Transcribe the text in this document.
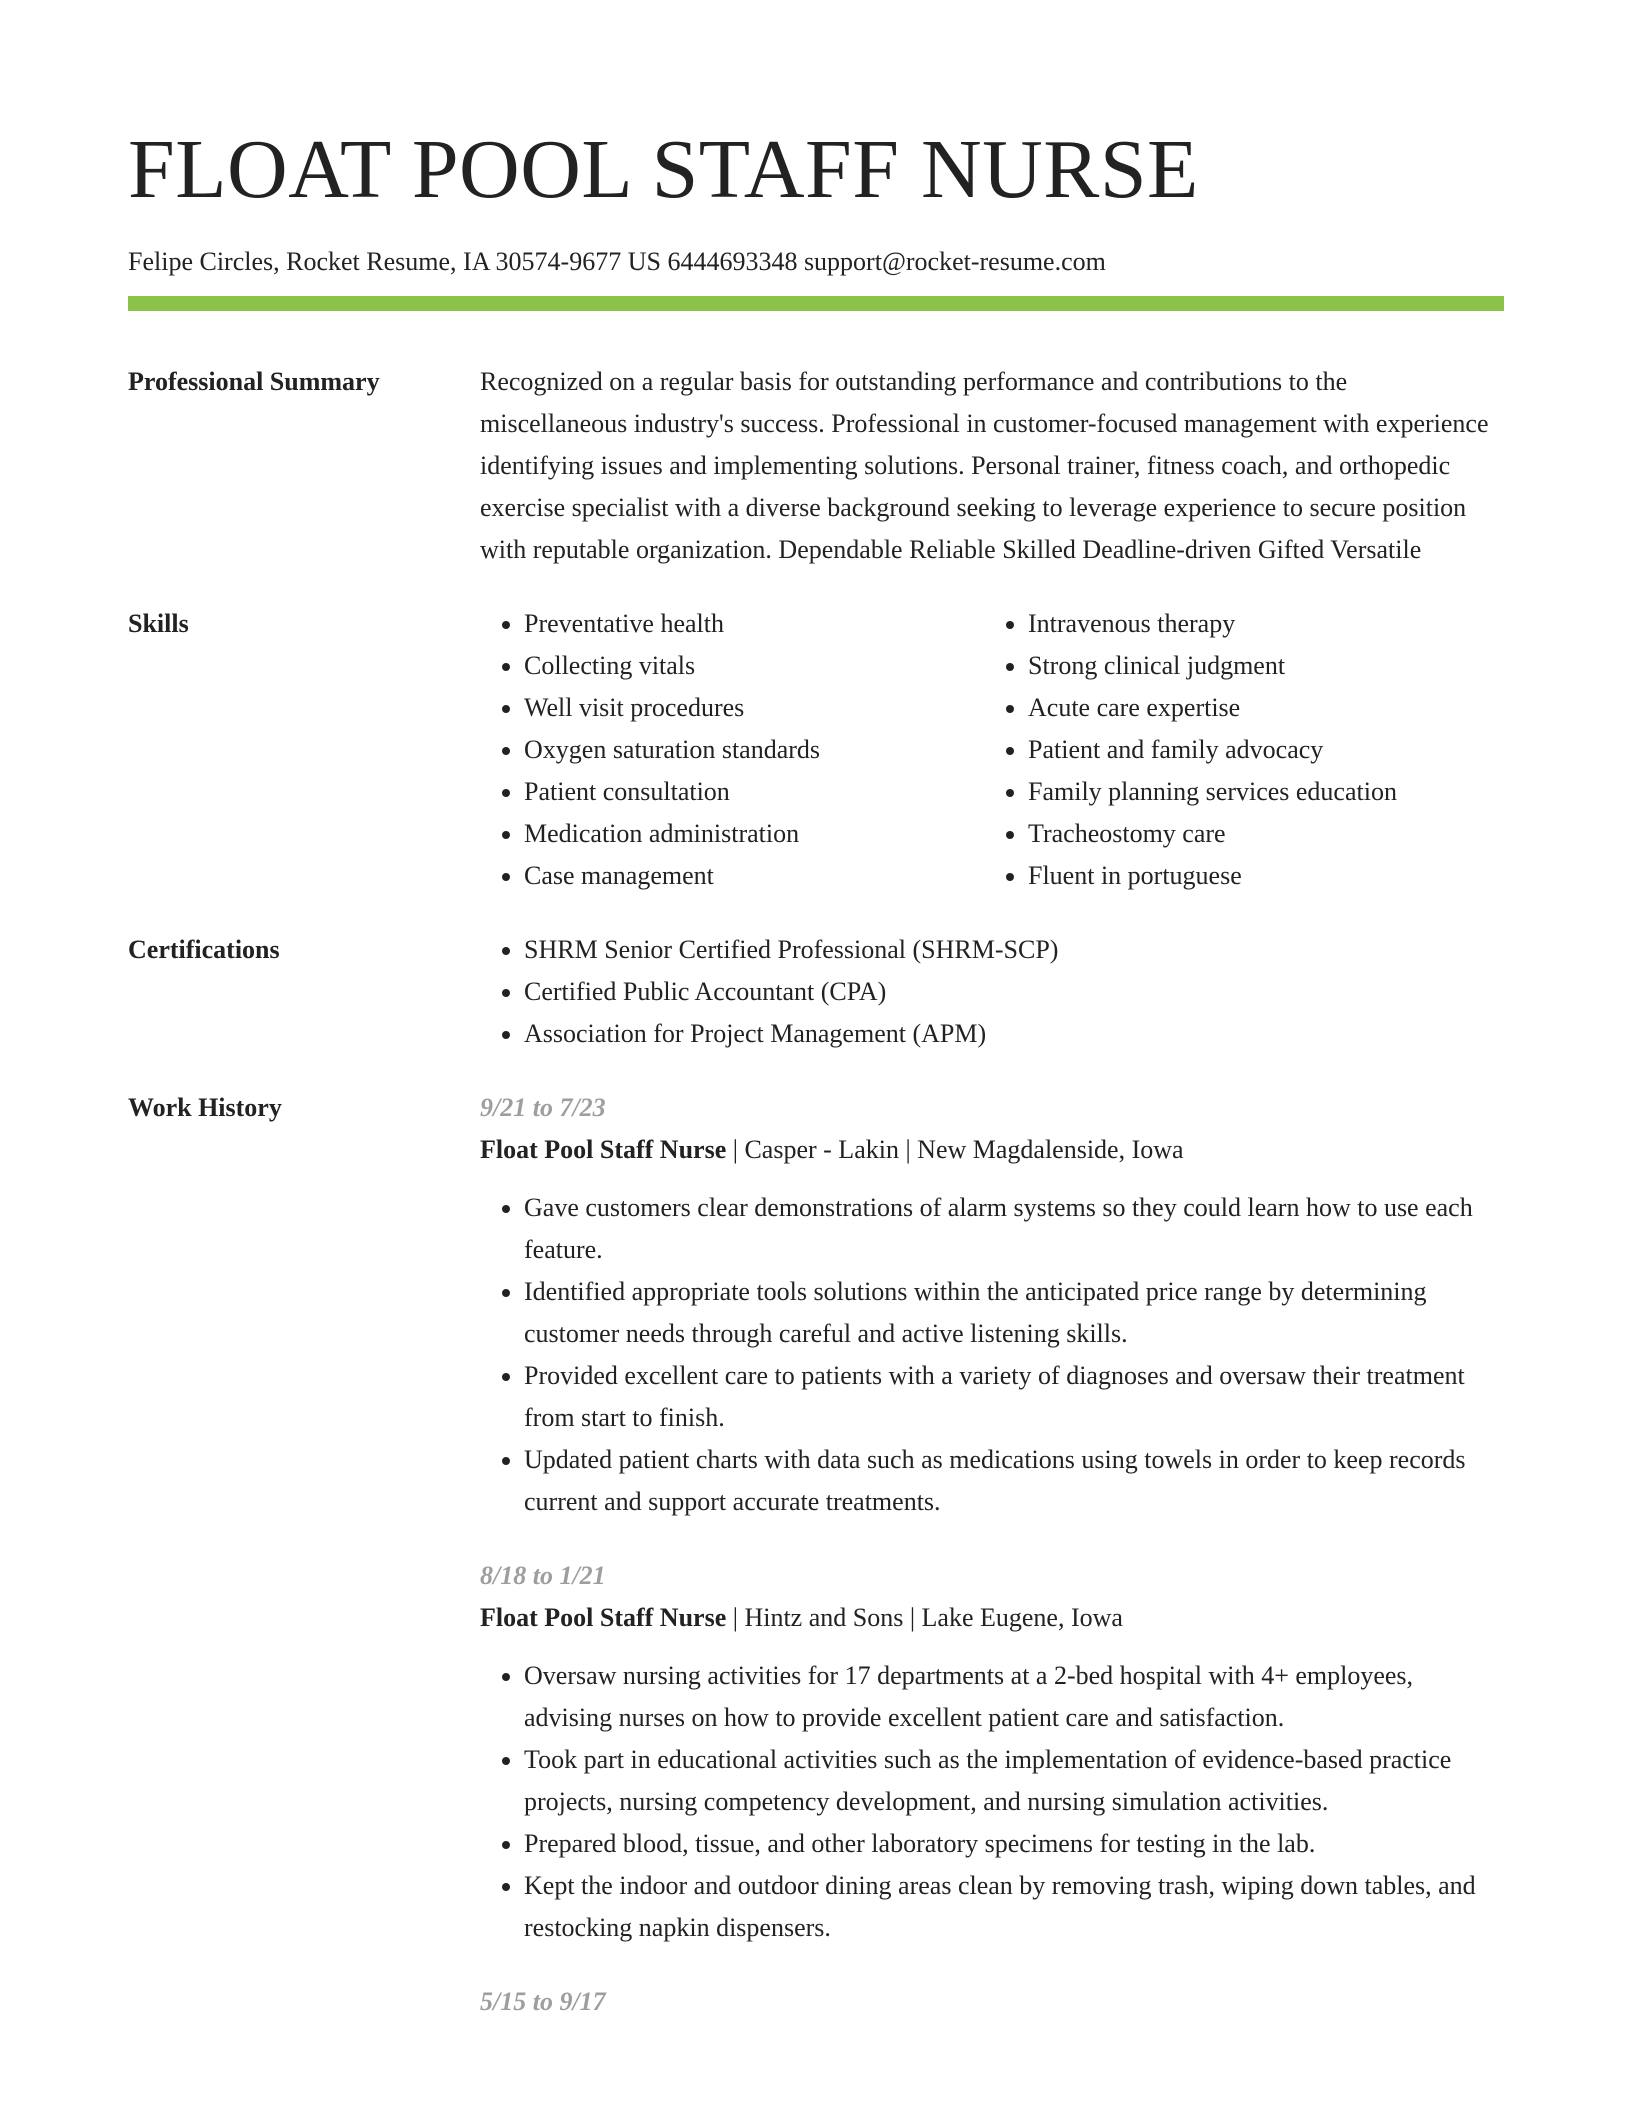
FLOAT POOL STAFF NURSE
Felipe Circles, Rocket Resume, IA 30574-9677 US 6444693348 support@rocket-resume.com
Professional Summary	Recognized on a regular basis for outstanding performance and contributions to the miscellaneous industry's success. Professional in customer-focused management with experience identifying issues and implementing solutions. Personal trainer, fitness coach, and orthopedic exercise specialist with a diverse background seeking to leverage experience to secure position with reputable organization. Dependable Reliable Skilled Deadline-driven Gifted Versatile

Skills	• Preventative health
• Collecting vitals
• Well visit procedures
• Oxygen saturation standards
• Patient consultation
• Medication administration
• Case management
• Intravenous therapy
• Strong clinical judgment
• Acute care expertise
• Patient and family advocacy
• Family planning services education
• Tracheostomy care
• Fluent in portuguese
Certifications	• SHRM Senior Certified Professional (SHRM-SCP)
• Certified Public Accountant (CPA)
• Association for Project Management (APM)
Work History	9/21 to 7/23
Float Pool Staff Nurse | Casper - Lakin | New Magdalenside, Iowa
• Gave customers clear demonstrations of alarm systems so they could learn how to use each feature.
• Identified appropriate tools solutions within the anticipated price range by determining customer needs through careful and active listening skills.
• Provided excellent care to patients with a variety of diagnoses and oversaw their treatment from start to finish.
• Updated patient charts with data such as medications using towels in order to keep records current and support accurate treatments.
8/18 to 1/21
Float Pool Staff Nurse | Hintz and Sons | Lake Eugene, Iowa
• Oversaw nursing activities for 17 departments at a 2-bed hospital with 4+ employees, advising nurses on how to provide excellent patient care and satisfaction.
• Took part in educational activities such as the implementation of evidence-based practice projects, nursing competency development, and nursing simulation activities.
• Prepared blood, tissue, and other laboratory specimens for testing in the lab.
• Kept the indoor and outdoor dining areas clean by removing trash, wiping down tables, and restocking napkin dispensers.
5/15 to 9/17
